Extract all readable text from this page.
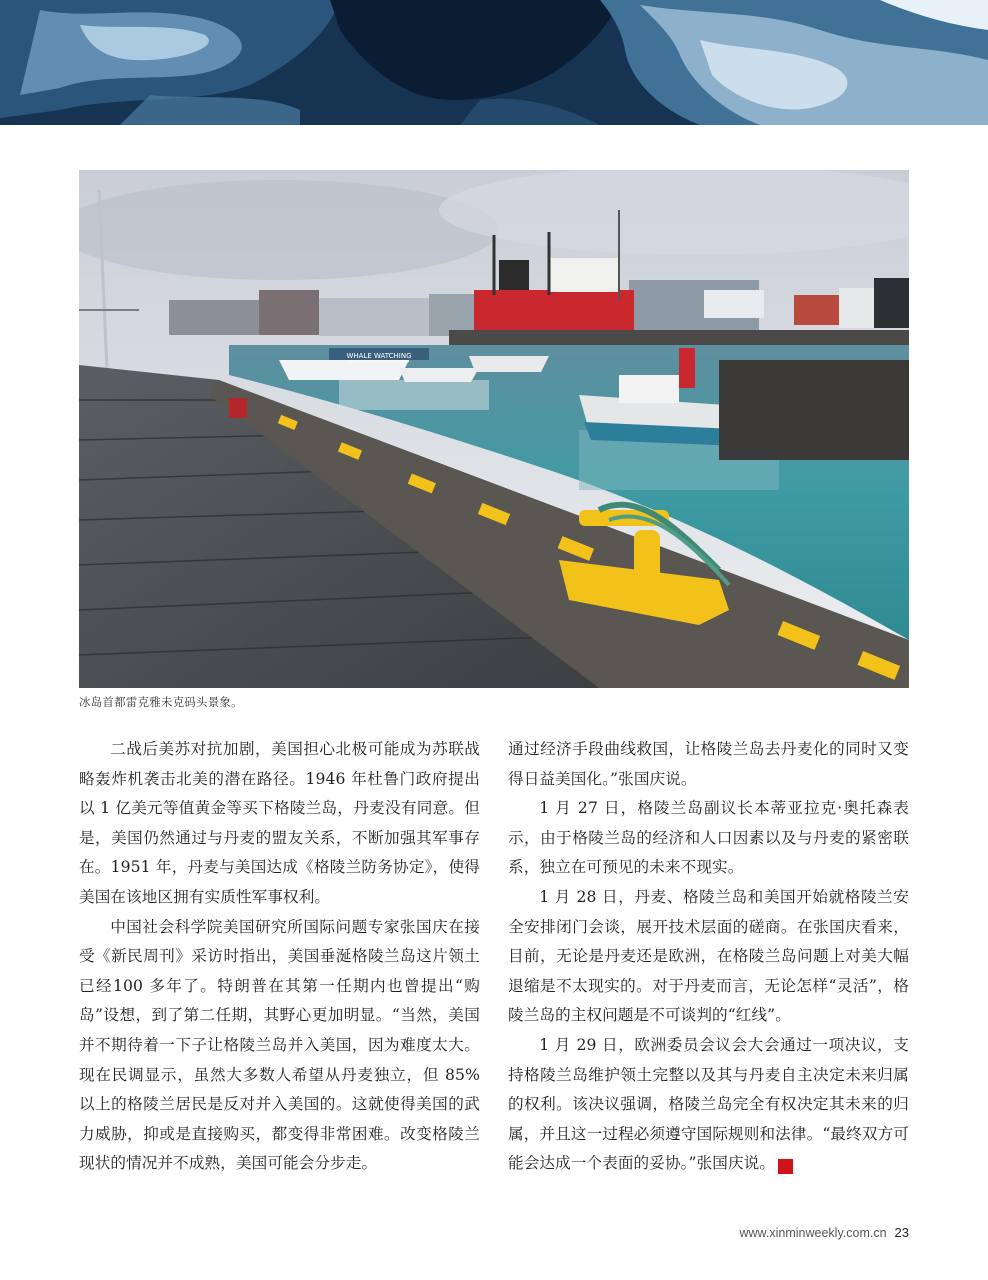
WHALE WATCHING
冰岛首都雷克雅未克码头景象。

二战后美苏对抗加剧，美国担心北极可能成为苏联战略轰炸机袭击北美的潜在路径。1946 年杜鲁门政府提出以 1 亿美元等值黄金等买下格陵兰岛，丹麦没有同意。但是，美国仍然通过与丹麦的盟友关系，不断加强其军事存在。1951 年，丹麦与美国达成《格陵兰防务协定》，使得美国在该地区拥有实质性军事权利。

中国社会科学院美国研究所国际问题专家张国庆在接受《新民周刊》采访时指出，美国垂涎格陵兰岛这片领土已经100 多年了。特朗普在其第一任期内也曾提出“购岛”设想，到了第二任期，其野心更加明显。“当然，美国并不期待着一下子让格陵兰岛并入美国，因为难度太大。现在民调显示，虽然大多数人希望从丹麦独立，但 85% 以上的格陵兰居民是反对并入美国的。这就使得美国的武力威胁，抑或是直接购买，都变得非常困难。改变格陵兰现状的情况并不成熟，美国可能会分步走。

通过经济手段曲线救国，让格陵兰岛去丹麦化的同时又变得日益美国化。”张国庆说。

1 月 27 日，格陵兰岛副议长本蒂亚拉克·奥托森表示，由于格陵兰岛的经济和人口因素以及与丹麦的紧密联系，独立在可预见的未来不现实。

1 月 28 日，丹麦、格陵兰岛和美国开始就格陵兰安全安排闭门会谈，展开技术层面的磋商。在张国庆看来，目前，无论是丹麦还是欧洲，在格陵兰岛问题上对美大幅退缩是不太现实的。对于丹麦而言，无论怎样“灵活”，格陵兰岛的主权问题是不可谈判的“红线”。

1 月 29 日，欧洲委员会议会大会通过一项决议，支持格陵兰岛维护领土完整以及其与丹麦自主决定未来归属的权利。该决议强调，格陵兰岛完全有权决定其未来的归属，并且这一过程必须遵守国际规则和法律。“最终双方可能会达成一个表面的妥协。”张国庆说。	民

www.xinminweekly.com.cn 23
